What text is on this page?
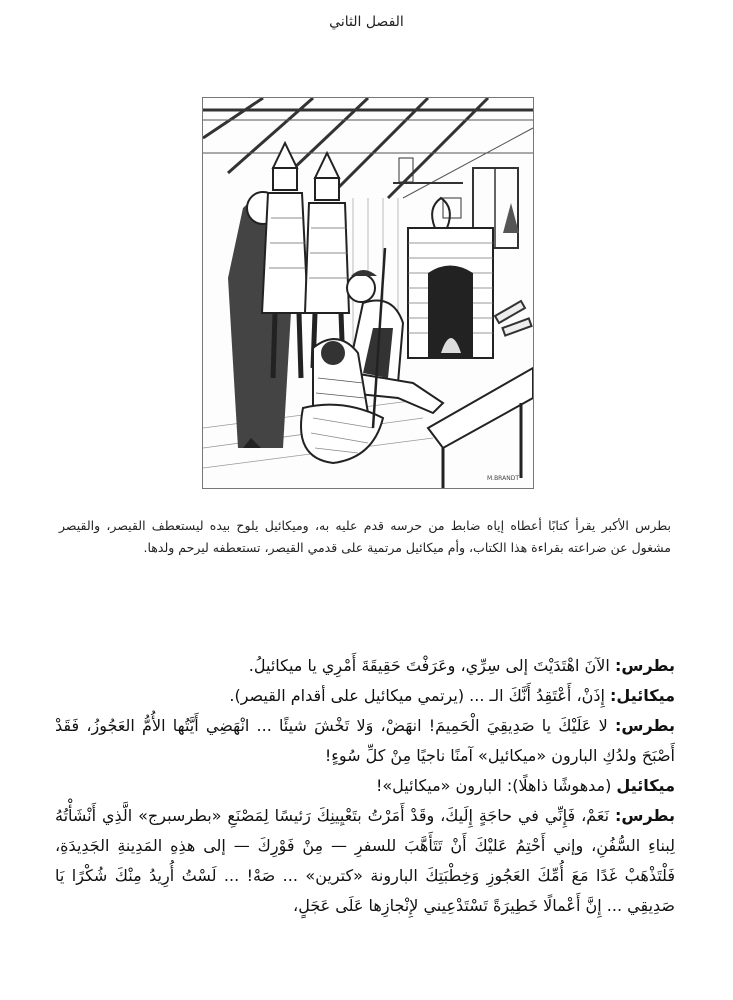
الفصل الثاني
M.BRANDT

بطرس الأكبر يقرأ كتابًا أعطاه إياه ضابط من حرسه قدم عليه به، وميكائيل يلوح بيده ليستعطف القيصر، والقيصر مشغول عن ضراعته بقراءة هذا الكتاب، وأم ميكائيل مرتمية على قدمي القيصر، تستعطفه ليرحم ولدها.

بطرس: الآنَ اهْتَدَيْتَ إلى سِرِّي، وعَرَفْتَ حَقِيقَةَ أَمْرِي يا ميكائيلُ.

ميكائيل: إِذَنْ، أَعْتَقِدُ أَنَّكَ الـ ... (يرتمي ميكائيل على أقدام القيصر).

بطرس: لا عَلَيْكَ يا صَدِيقِيَ الْحَمِيمَ! انهَضْ، وَلا تَخْشَ شيئًا ... انْهَضِي أَيَّتُها الأُمُّ العَجُوزُ، فَقَدْ أَصْبَحَ ولدُكِ البارون «ميكائيل» آمنًا ناجيًا مِنْ كلِّ سُوءٍ!

ميكائيل (مدهوشًا ذاهلًا): البارون «ميكائيل»!

بطرس: نَعَمْ، فَإِنِّي في حاجَةٍ إِلَيكَ، وقَدْ أَمَرْتُ بتَعْيِينِكَ رَئيسًا لِمَصْنَعِ «بطرسبرج» الَّذِي أَنْشَأْتُهُ لِبناءِ السُّفُنِ، وإني أَحْتِمُ عَليْكَ أَنْ تَتَأَهَّبَ للسفرِ — مِنْ فَوْرِكَ — إلى هذِهِ المَدِينةِ الجَدِيدَةِ، فَلْتَذْهَبْ غَدًا مَعَ أُمِّكَ العَجُوزِ وَخِطْبَتِكَ البارونة «كترين» ... صَهْ! ... لَسْتُ أُرِيدُ مِنْكَ شُكْرًا يَا صَدِيقِي ... إِنَّ أَعْمالًا خَطِيرَةً تَسْتَدْعِيني لإِنْجازِها عَلَى عَجَلٍ،
